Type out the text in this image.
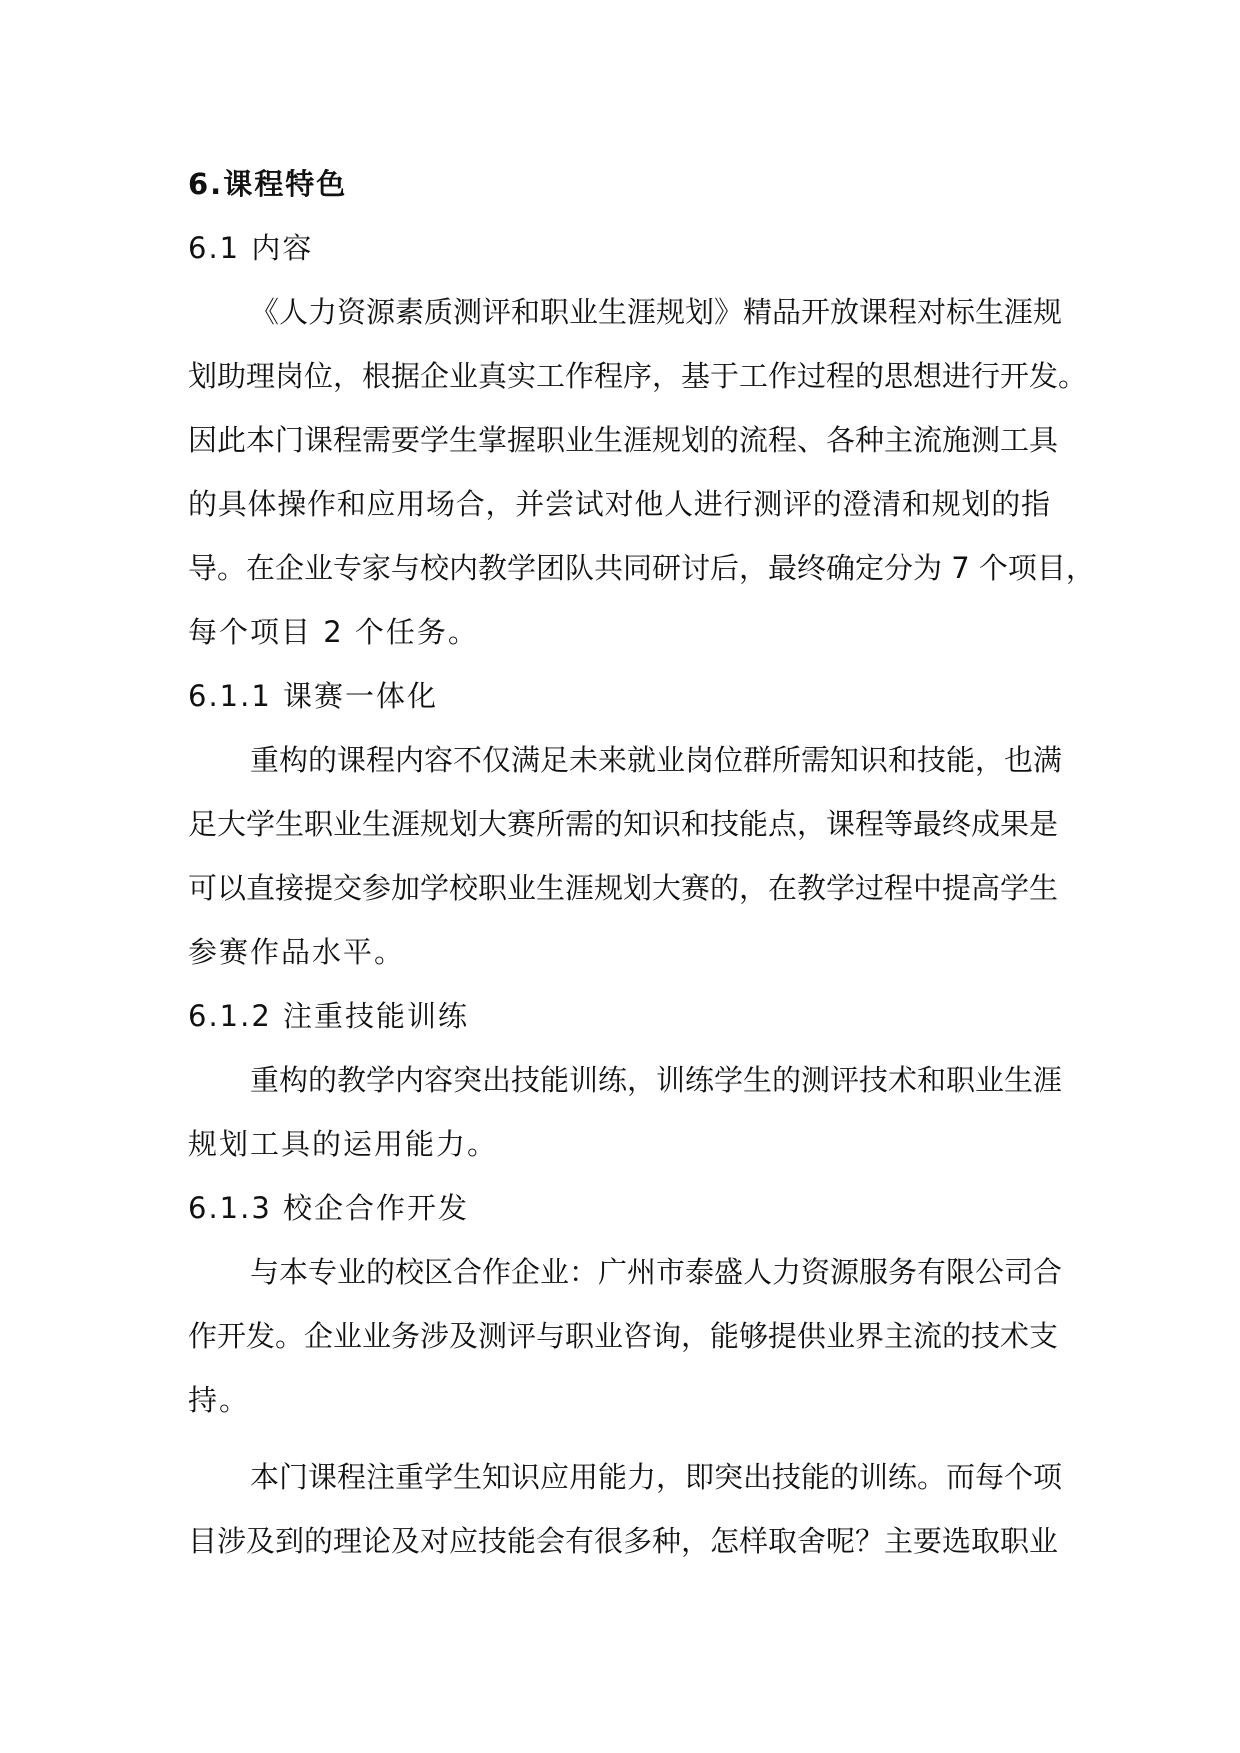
6.课程特色
6.1 内容
《人力资源素质测评和职业生涯规划》精品开放课程对标生涯规
划助理岗位，根据企业真实工作程序，基于工作过程的思想进行开发。
因此本门课程需要学生掌握职业生涯规划的流程、各种主流施测工具
的具体操作和应用场合，并尝试对他人进行测评的澄清和规划的指
导。在企业专家与校内教学团队共同研讨后，最终确定分为 7 个项目，
每个项目 2 个任务。
6.1.1 课赛一体化
重构的课程内容不仅满足未来就业岗位群所需知识和技能，也满
足大学生职业生涯规划大赛所需的知识和技能点，课程等最终成果是
可以直接提交参加学校职业生涯规划大赛的，在教学过程中提高学生
参赛作品水平。
6.1.2 注重技能训练
重构的教学内容突出技能训练，训练学生的测评技术和职业生涯
规划工具的运用能力。
6.1.3 校企合作开发
与本专业的校区合作企业：广州市泰盛人力资源服务有限公司合
作开发。企业业务涉及测评与职业咨询，能够提供业界主流的技术支
持。
本门课程注重学生知识应用能力，即突出技能的训练。而每个项
目涉及到的理论及对应技能会有很多种，怎样取舍呢？主要选取职业
